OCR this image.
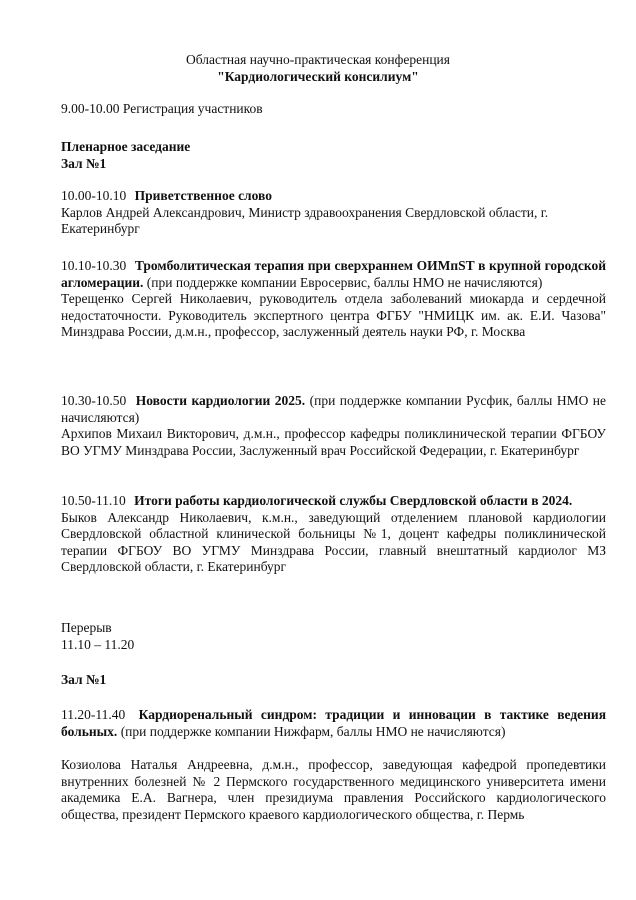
Областная научно-практическая конференция
"Кардиологический консилиум"
9.00-10.00 Регистрация участников
Пленарное заседание
Зал №1
10.00-10.10 Приветственное слово
Карлов Андрей Александрович, Министр здравоохранения Свердловской области, г. Екатеринбург
10.10-10.30 Тромболитическая терапия при сверхраннем ОИМпST в крупной городской агломерации. (при поддержке компании Евросервис, баллы НМО не начисляются)
Терещенко Сергей Николаевич, руководитель отдела заболеваний миокарда и сердечной недостаточности. Руководитель экспертного центра ФГБУ "НМИЦК им. ак. Е.И. Чазова" Минздрава России, д.м.н., профессор, заслуженный деятель науки РФ, г. Москва
10.30-10.50 Новости кардиологии 2025. (при поддержке компании Русфик, баллы НМО не начисляются)
Архипов Михаил Викторович, д.м.н., профессор кафедры поликлинической терапии ФГБОУ ВО УГМУ Минздрава России, Заслуженный врач Российской Федерации, г. Екатеринбург
10.50-11.10 Итоги работы кардиологической службы Свердловской области в 2024.
Быков Александр Николаевич, к.м.н., заведующий отделением плановой кардиологии Свердловской областной клинической больницы №1, доцент кафедры поликлинической терапии ФГБОУ ВО УГМУ Минздрава России, главный внештатный кардиолог МЗ Свердловской области, г. Екатеринбург
Перерыв
11.10 – 11.20
Зал №1
11.20-11.40 Кардиоренальный синдром: традиции и инновации в тактике ведения больных. (при поддержке компании Нижфарм, баллы НМО не начисляются)
Козиолова Наталья Андреевна, д.м.н., профессор, заведующая кафедрой пропедевтики внутренних болезней № 2 Пермского государственного медицинского университета имени академика Е.А. Вагнера, член президиума правления Российского кардиологического общества, президент Пермского краевого кардиологического общества, г. Пермь
